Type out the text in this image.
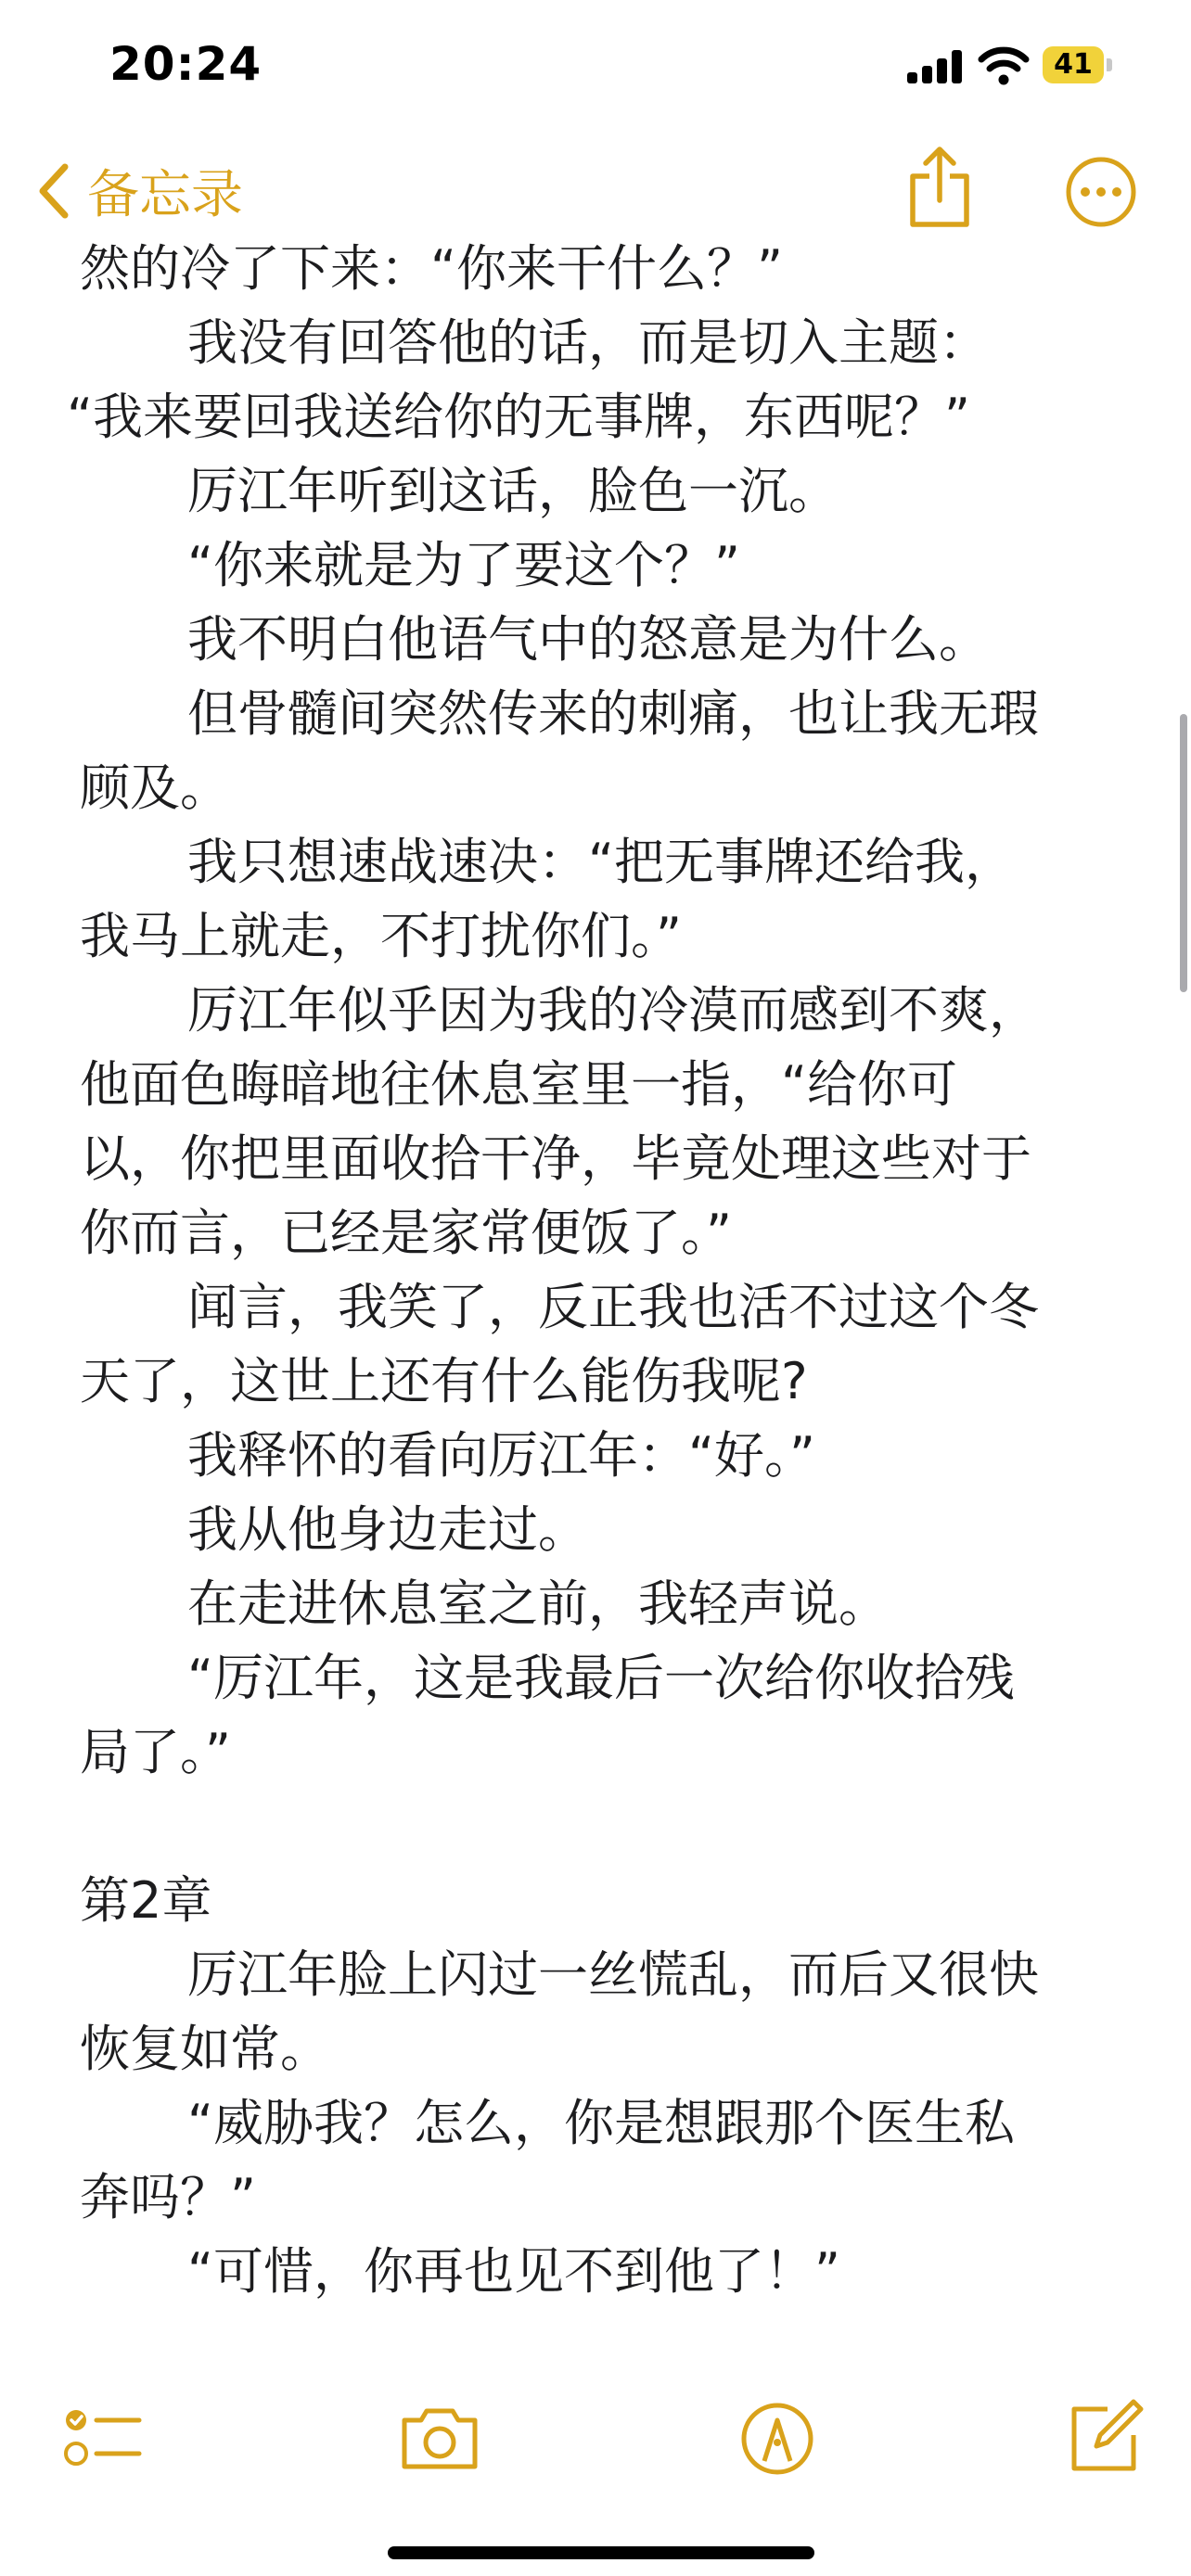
20:24	41
备忘录
然的冷了下来：“你来干什么？”
我没有回答他的话，而是切入主题：
“我来要回我送给你的无事牌，东西呢？”
厉江年听到这话，脸色一沉。
“你来就是为了要这个？”
我不明白他语气中的怒意是为什么。
但骨髓间突然传来的刺痛，也让我无瑕
顾及。
我只想速战速决：“把无事牌还给我，
我马上就走，不打扰你们。”
厉江年似乎因为我的冷漠而感到不爽，
他面色晦暗地往休息室里一指，“给你可
以，你把里面收拾干净，毕竟处理这些对于
你而言，已经是家常便饭了。”
闻言，我笑了，反正我也活不过这个冬
天了，这世上还有什么能伤我呢?
我释怀的看向厉江年：“好。”
我从他身边走过。
在走进休息室之前，我轻声说。
“厉江年，这是我最后一次给你收拾残
局了。”
第2章
厉江年脸上闪过一丝慌乱，而后又很快
恢复如常。
“威胁我？怎么，你是想跟那个医生私
奔吗？”
“可惜，你再也见不到他了！”
